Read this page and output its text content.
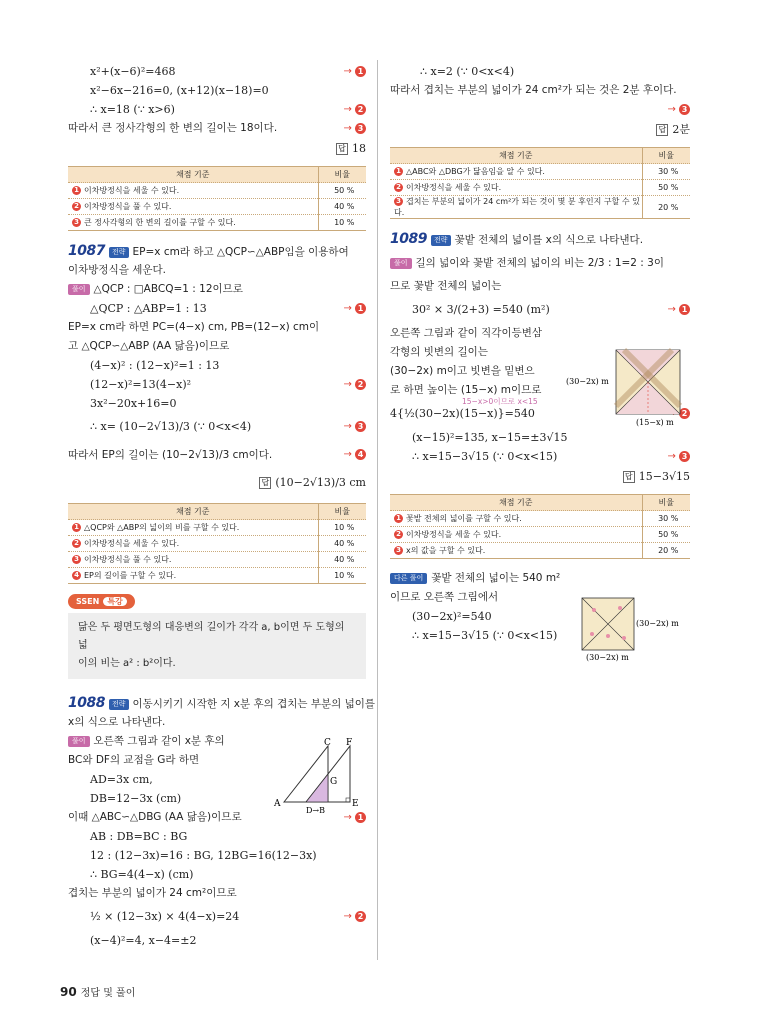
x²+(x−6)²=468	→ 1
x²−6x−216=0, (x+12)(x−18)=0
∴ x=18 (∵ x>6)	→ 2
따라서 큰 정사각형의 한 변의 길이는 18이다.	→ 3
답 18
채점 기준	비율
1 이차방정식을 세울 수 있다.	50 %
2 이차방정식을 풀 수 있다.	40 %
3 큰 정사각형의 한 변의 길이를 구할 수 있다.	10 %
1087 전략 EP=x cm라 하고 △QCP∽△ABP임을 이용하여
이차방정식을 세운다.
풀이 △QCP : □ABCQ=1 : 12이므로
△QCP : △ABP=1 : 13	→ 1
EP=x cm라 하면 PC=(4−x) cm, PB=(12−x) cm이
고 △QCP∽△ABP (AA 닮음)이므로
(4−x)² : (12−x)²=1 : 13
(12−x)²=13(4−x)²	→ 2
3x²−20x+16=0
∴ x= (10−2√13)/3 (∵ 0<x<4)	→ 3
따라서 EP의 길이는 (10−2√13)/3 cm이다.	→ 4
답 (10−2√13)/3 cm
채점 기준	비율
1 △QCP와 △ABP의 넓이의 비를 구할 수 있다.	10 %
2 이차방정식을 세울 수 있다.	40 %
3 이차방정식을 풀 수 있다.	40 %
4 EP의 길이를 구할 수 있다.	10 %
SSEN 특강
닮은 두 평면도형의 대응변의 길이가 각각 a, b이면 두 도형의 넓
이의 비는 a² : b²이다.
1088 전략 이동시키기 시작한 지 x분 후의 겹치는 부분의 넓이를
x의 식으로 나타낸다.
풀이 오른쪽 그림과 같이 x분 후의
BC와 DF의 교점을 G라 하면
AD=3x cm,
DB=12−3x (cm)
이때 △ABC∽△DBG (AA 닮음)이므로	→ 1
AB : DB=BC : BG
12 : (12−3x)=16 : BG, 12BG=16(12−3x)
∴ BG=4(4−x) (cm)
겹치는 부분의 넓이가 24 cm²이므로
½ × (12−3x) × 4(4−x)=24	→ 2
(x−4)²=4, x−4=±2
C F
G
A	E
D→B
∴ x=2 (∵ 0<x<4)
따라서 겹치는 부분의 넓이가 24 cm²가 되는 것은 2분 후이다.
→ 3
답 2분
채점 기준	비율
1 △ABC와 △DBG가 닮음임을 알 수 있다.	30 %
2 이차방정식을 세울 수 있다.	50 %
3 겹치는 부분의 넓이가 24 cm²가 되는 것이 몇 분 후인지 구할 수 있다.	20 %
1089 전략 꽃밭 전체의 넓이를 x의 식으로 나타낸다.
풀이 길의 넓이와 꽃밭 전체의 넓이의 비는 2/3 : 1=2 : 3이
므로 꽃밭 전체의 넓이는
30² × 3/(2+3) =540 (m²)	→ 1
오른쪽 그림과 같이 직각이등변삼
각형의 빗변의 길이는
(30−2x) m이고 빗변을 밑변으
로 하면 높이는 (15−x) m이므로
4{½(30−2x)(15−x)}=540	2
(x−15)²=135, x−15=±3√15
∴ x=15−3√15 (∵ 0<x<15)	→ 3
15−x>0이므로 x<15
답 15−3√15
채점 기준	비율
1 꽃밭 전체의 넓이를 구할 수 있다.	30 %
2 이차방정식을 세울 수 있다.	50 %
3 x의 값을 구할 수 있다.	20 %
다른 풀이 꽃밭 전체의 넓이는 540 m²
이므로 오른쪽 그림에서
(30−2x)²=540
∴ x=15−3√15 (∵ 0<x<15)
(30−2x) m
(15−x) m
(30−2x) m
(30−2x) m
90 정답 및 풀이
